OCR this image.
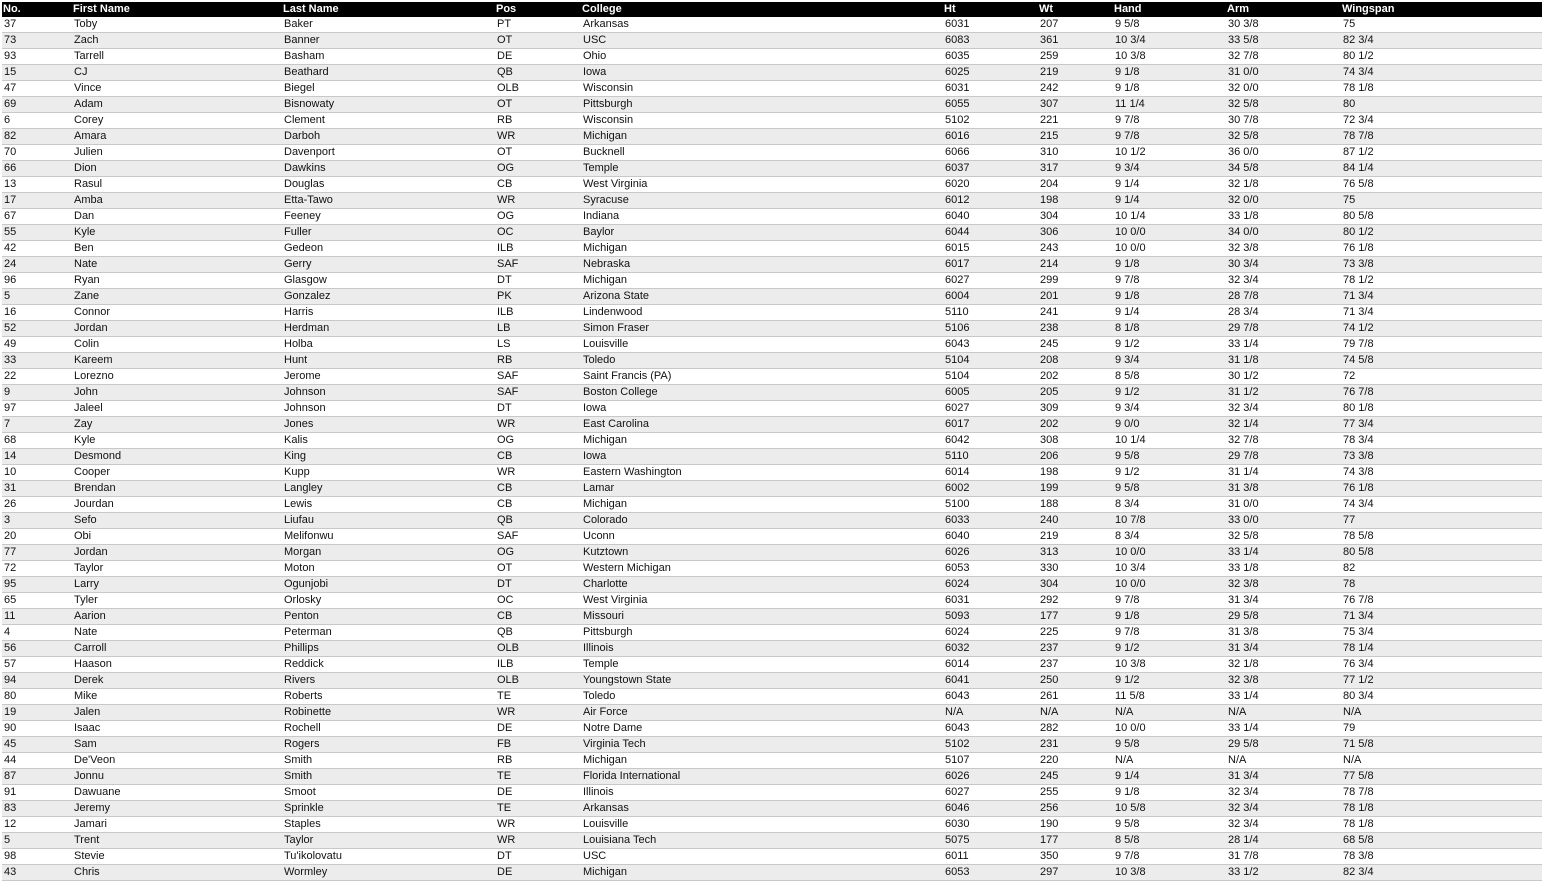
No.	First Name	Last Name	Pos	College	Ht	Wt	Hand	Arm	Wingspan
37	Toby	Baker	PT	Arkansas	6031	207	9 5/8	30 3/8	75
73	Zach	Banner	OT	USC	6083	361	10 3/4	33 5/8	82 3/4
93	Tarrell	Basham	DE	Ohio	6035	259	10 3/8	32 7/8	80 1/2
15	CJ	Beathard	QB	Iowa	6025	219	9 1/8	31 0/0	74 3/4
47	Vince	Biegel	OLB	Wisconsin	6031	242	9 1/8	32 0/0	78 1/8
69	Adam	Bisnowaty	OT	Pittsburgh	6055	307	11 1/4	32 5/8	80
6	Corey	Clement	RB	Wisconsin	5102	221	9 7/8	30 7/8	72 3/4
82	Amara	Darboh	WR	Michigan	6016	215	9 7/8	32 5/8	78 7/8
70	Julien	Davenport	OT	Bucknell	6066	310	10 1/2	36 0/0	87 1/2
66	Dion	Dawkins	OG	Temple	6037	317	9 3/4	34 5/8	84 1/4
13	Rasul	Douglas	CB	West Virginia	6020	204	9 1/4	32 1/8	76 5/8
17	Amba	Etta-Tawo	WR	Syracuse	6012	198	9 1/4	32 0/0	75
67	Dan	Feeney	OG	Indiana	6040	304	10 1/4	33 1/8	80 5/8
55	Kyle	Fuller	OC	Baylor	6044	306	10 0/0	34 0/0	80 1/2
42	Ben	Gedeon	ILB	Michigan	6015	243	10 0/0	32 3/8	76 1/8
24	Nate	Gerry	SAF	Nebraska	6017	214	9 1/8	30 3/4	73 3/8
96	Ryan	Glasgow	DT	Michigan	6027	299	9 7/8	32 3/4	78 1/2
5	Zane	Gonzalez	PK	Arizona State	6004	201	9 1/8	28 7/8	71 3/4
16	Connor	Harris	ILB	Lindenwood	5110	241	9 1/4	28 3/4	71 3/4
52	Jordan	Herdman	LB	Simon Fraser	5106	238	8 1/8	29 7/8	74 1/2
49	Colin	Holba	LS	Louisville	6043	245	9 1/2	33 1/4	79 7/8
33	Kareem	Hunt	RB	Toledo	5104	208	9 3/4	31 1/8	74 5/8
22	Lorezno	Jerome	SAF	Saint Francis (PA)	5104	202	8 5/8	30 1/2	72
9	John	Johnson	SAF	Boston College	6005	205	9 1/2	31 1/2	76 7/8
97	Jaleel	Johnson	DT	Iowa	6027	309	9 3/4	32 3/4	80 1/8
7	Zay	Jones	WR	East Carolina	6017	202	9 0/0	32 1/4	77 3/4
68	Kyle	Kalis	OG	Michigan	6042	308	10 1/4	32 7/8	78 3/4
14	Desmond	King	CB	Iowa	5110	206	9 5/8	29 7/8	73 3/8
10	Cooper	Kupp	WR	Eastern Washington	6014	198	9 1/2	31 1/4	74 3/8
31	Brendan	Langley	CB	Lamar	6002	199	9 5/8	31 3/8	76 1/8
26	Jourdan	Lewis	CB	Michigan	5100	188	8 3/4	31 0/0	74 3/4
3	Sefo	Liufau	QB	Colorado	6033	240	10 7/8	33 0/0	77
20	Obi	Melifonwu	SAF	Uconn	6040	219	8 3/4	32 5/8	78 5/8
77	Jordan	Morgan	OG	Kutztown	6026	313	10 0/0	33 1/4	80 5/8
72	Taylor	Moton	OT	Western Michigan	6053	330	10 3/4	33 1/8	82
95	Larry	Ogunjobi	DT	Charlotte	6024	304	10 0/0	32 3/8	78
65	Tyler	Orlosky	OC	West Virginia	6031	292	9 7/8	31 3/4	76 7/8
11	Aarion	Penton	CB	Missouri	5093	177	9 1/8	29 5/8	71 3/4
4	Nate	Peterman	QB	Pittsburgh	6024	225	9 7/8	31 3/8	75 3/4
56	Carroll	Phillips	OLB	Illinois	6032	237	9 1/2	31 3/4	78 1/4
57	Haason	Reddick	ILB	Temple	6014	237	10 3/8	32 1/8	76 3/4
94	Derek	Rivers	OLB	Youngstown State	6041	250	9 1/2	32 3/8	77 1/2
80	Mike	Roberts	TE	Toledo	6043	261	11 5/8	33 1/4	80 3/4
19	Jalen	Robinette	WR	Air Force	N/A	N/A	N/A	N/A	N/A
90	Isaac	Rochell	DE	Notre Dame	6043	282	10 0/0	33 1/4	79
45	Sam	Rogers	FB	Virginia Tech	5102	231	9 5/8	29 5/8	71 5/8
44	De'Veon	Smith	RB	Michigan	5107	220	N/A	N/A	N/A
87	Jonnu	Smith	TE	Florida International	6026	245	9 1/4	31 3/4	77 5/8
91	Dawuane	Smoot	DE	Illinois	6027	255	9 1/8	32 3/4	78 7/8
83	Jeremy	Sprinkle	TE	Arkansas	6046	256	10 5/8	32 3/4	78 1/8
12	Jamari	Staples	WR	Louisville	6030	190	9 5/8	32 3/4	78 1/8
5	Trent	Taylor	WR	Louisiana Tech	5075	177	8 5/8	28 1/4	68 5/8
98	Stevie	Tu'ikolovatu	DT	USC	6011	350	9 7/8	31 7/8	78 3/8
43	Chris	Wormley	DE	Michigan	6053	297	10 3/8	33 1/2	82 3/4
